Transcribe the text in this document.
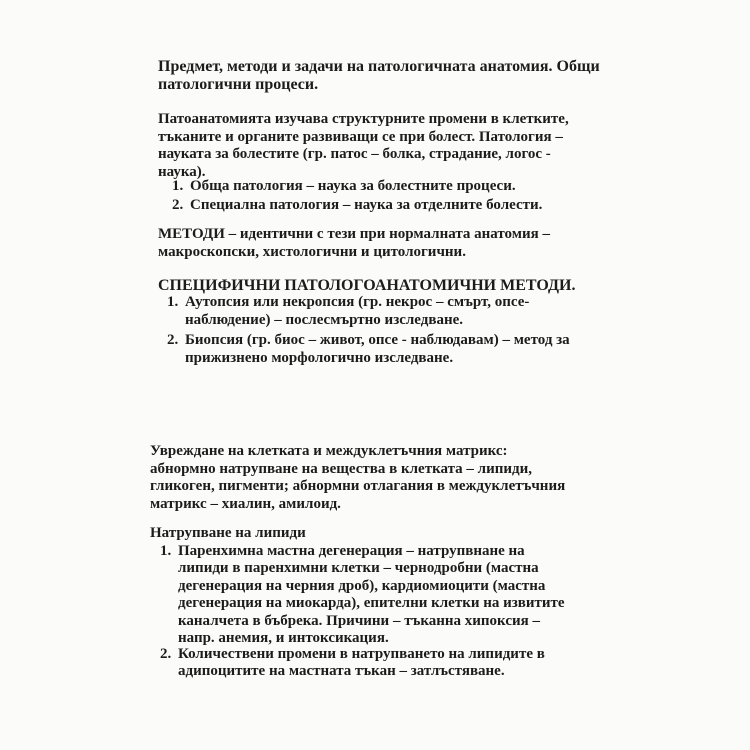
Предмет, методи и задачи на патологичната анатомия. Общи
патологични процеси.
Патоанатомията изучава структурните промени в клетките,
тъканите и органите развиващи се при болест. Патология –
науката за болестите (гр. патос – болка, страдание, логос -
наука).
1. Обща патология – наука за болестните процеси.
2. Специална патология – наука за отделните болести.
МЕТОДИ – идентични с тези при нормалната анатомия –
макроскопски, хистологични и цитологични.
СПЕЦИФИЧНИ ПАТОЛОГОАНАТОМИЧНИ МЕТОДИ.
1. Аутопсия или некропсия (гр. некрос – смърт, опсе-
наблюдение) – послесмъртно изследване.
2. Биопсия (гр. биос – живот, опсе - наблюдавам) – метод за
прижизнено морфологично изследване.
Увреждане на клетката и междуклетъчния матрикс:
абнормно натрупване на вещества в клетката – липиди,
гликоген, пигменти; абнормни отлагания в междуклетъчния
матрикс – хиалин, амилоид.
Натрупване на липиди
1. Паренхимна мастна дегенерация – натрупвнане на
липиди в паренхимни клетки – чернодробни (мастна
дегенерация на черния дроб), кардиомиоцити (мастна
дегенерация на миокарда), епителни клетки на извитите
каналчета в бъбрека. Причини – тъканна хипоксия –
напр. анемия, и интоксикация.
2. Количествени промени в натрупването на липидите в
адипоцитите на мастната тъкан – затлъстяване.
